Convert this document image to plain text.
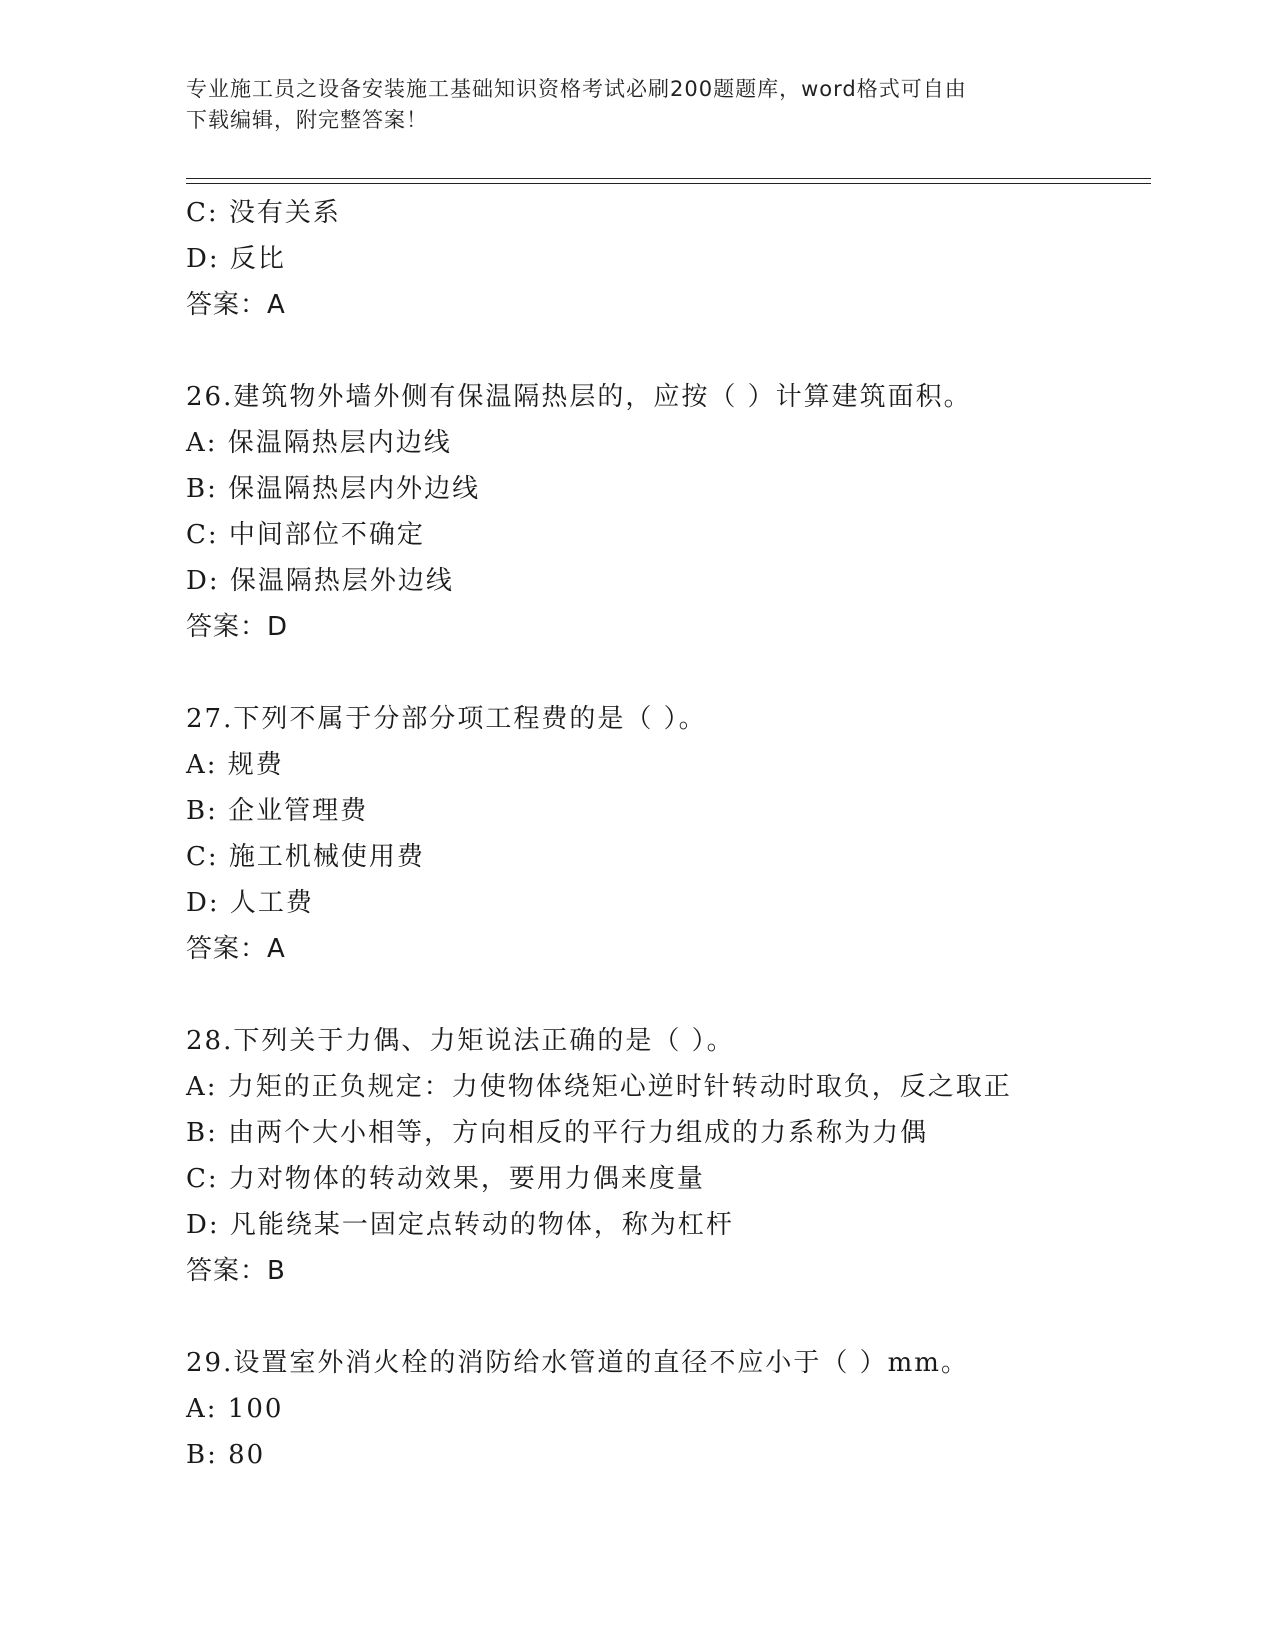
专业施工员之设备安装施工基础知识资格考试必刷200题题库，word格式可自由
下载编辑，附完整答案！
C: 没有关系
D: 反比
答案：A
26.建筑物外墙外侧有保温隔热层的，应按（ ）计算建筑面积。
A: 保温隔热层内边线
B: 保温隔热层内外边线
C: 中间部位不确定
D: 保温隔热层外边线
答案：D
27.下列不属于分部分项工程费的是（ ）。
A: 规费
B: 企业管理费
C: 施工机械使用费
D: 人工费
答案：A
28.下列关于力偶、力矩说法正确的是（ ）。
A: 力矩的正负规定：力使物体绕矩心逆时针转动时取负，反之取正
B: 由两个大小相等，方向相反的平行力组成的力系称为力偶
C: 力对物体的转动效果，要用力偶来度量
D: 凡能绕某一固定点转动的物体，称为杠杆
答案：B
29.设置室外消火栓的消防给水管道的直径不应小于（ ）mm。
A: 100
B: 80
